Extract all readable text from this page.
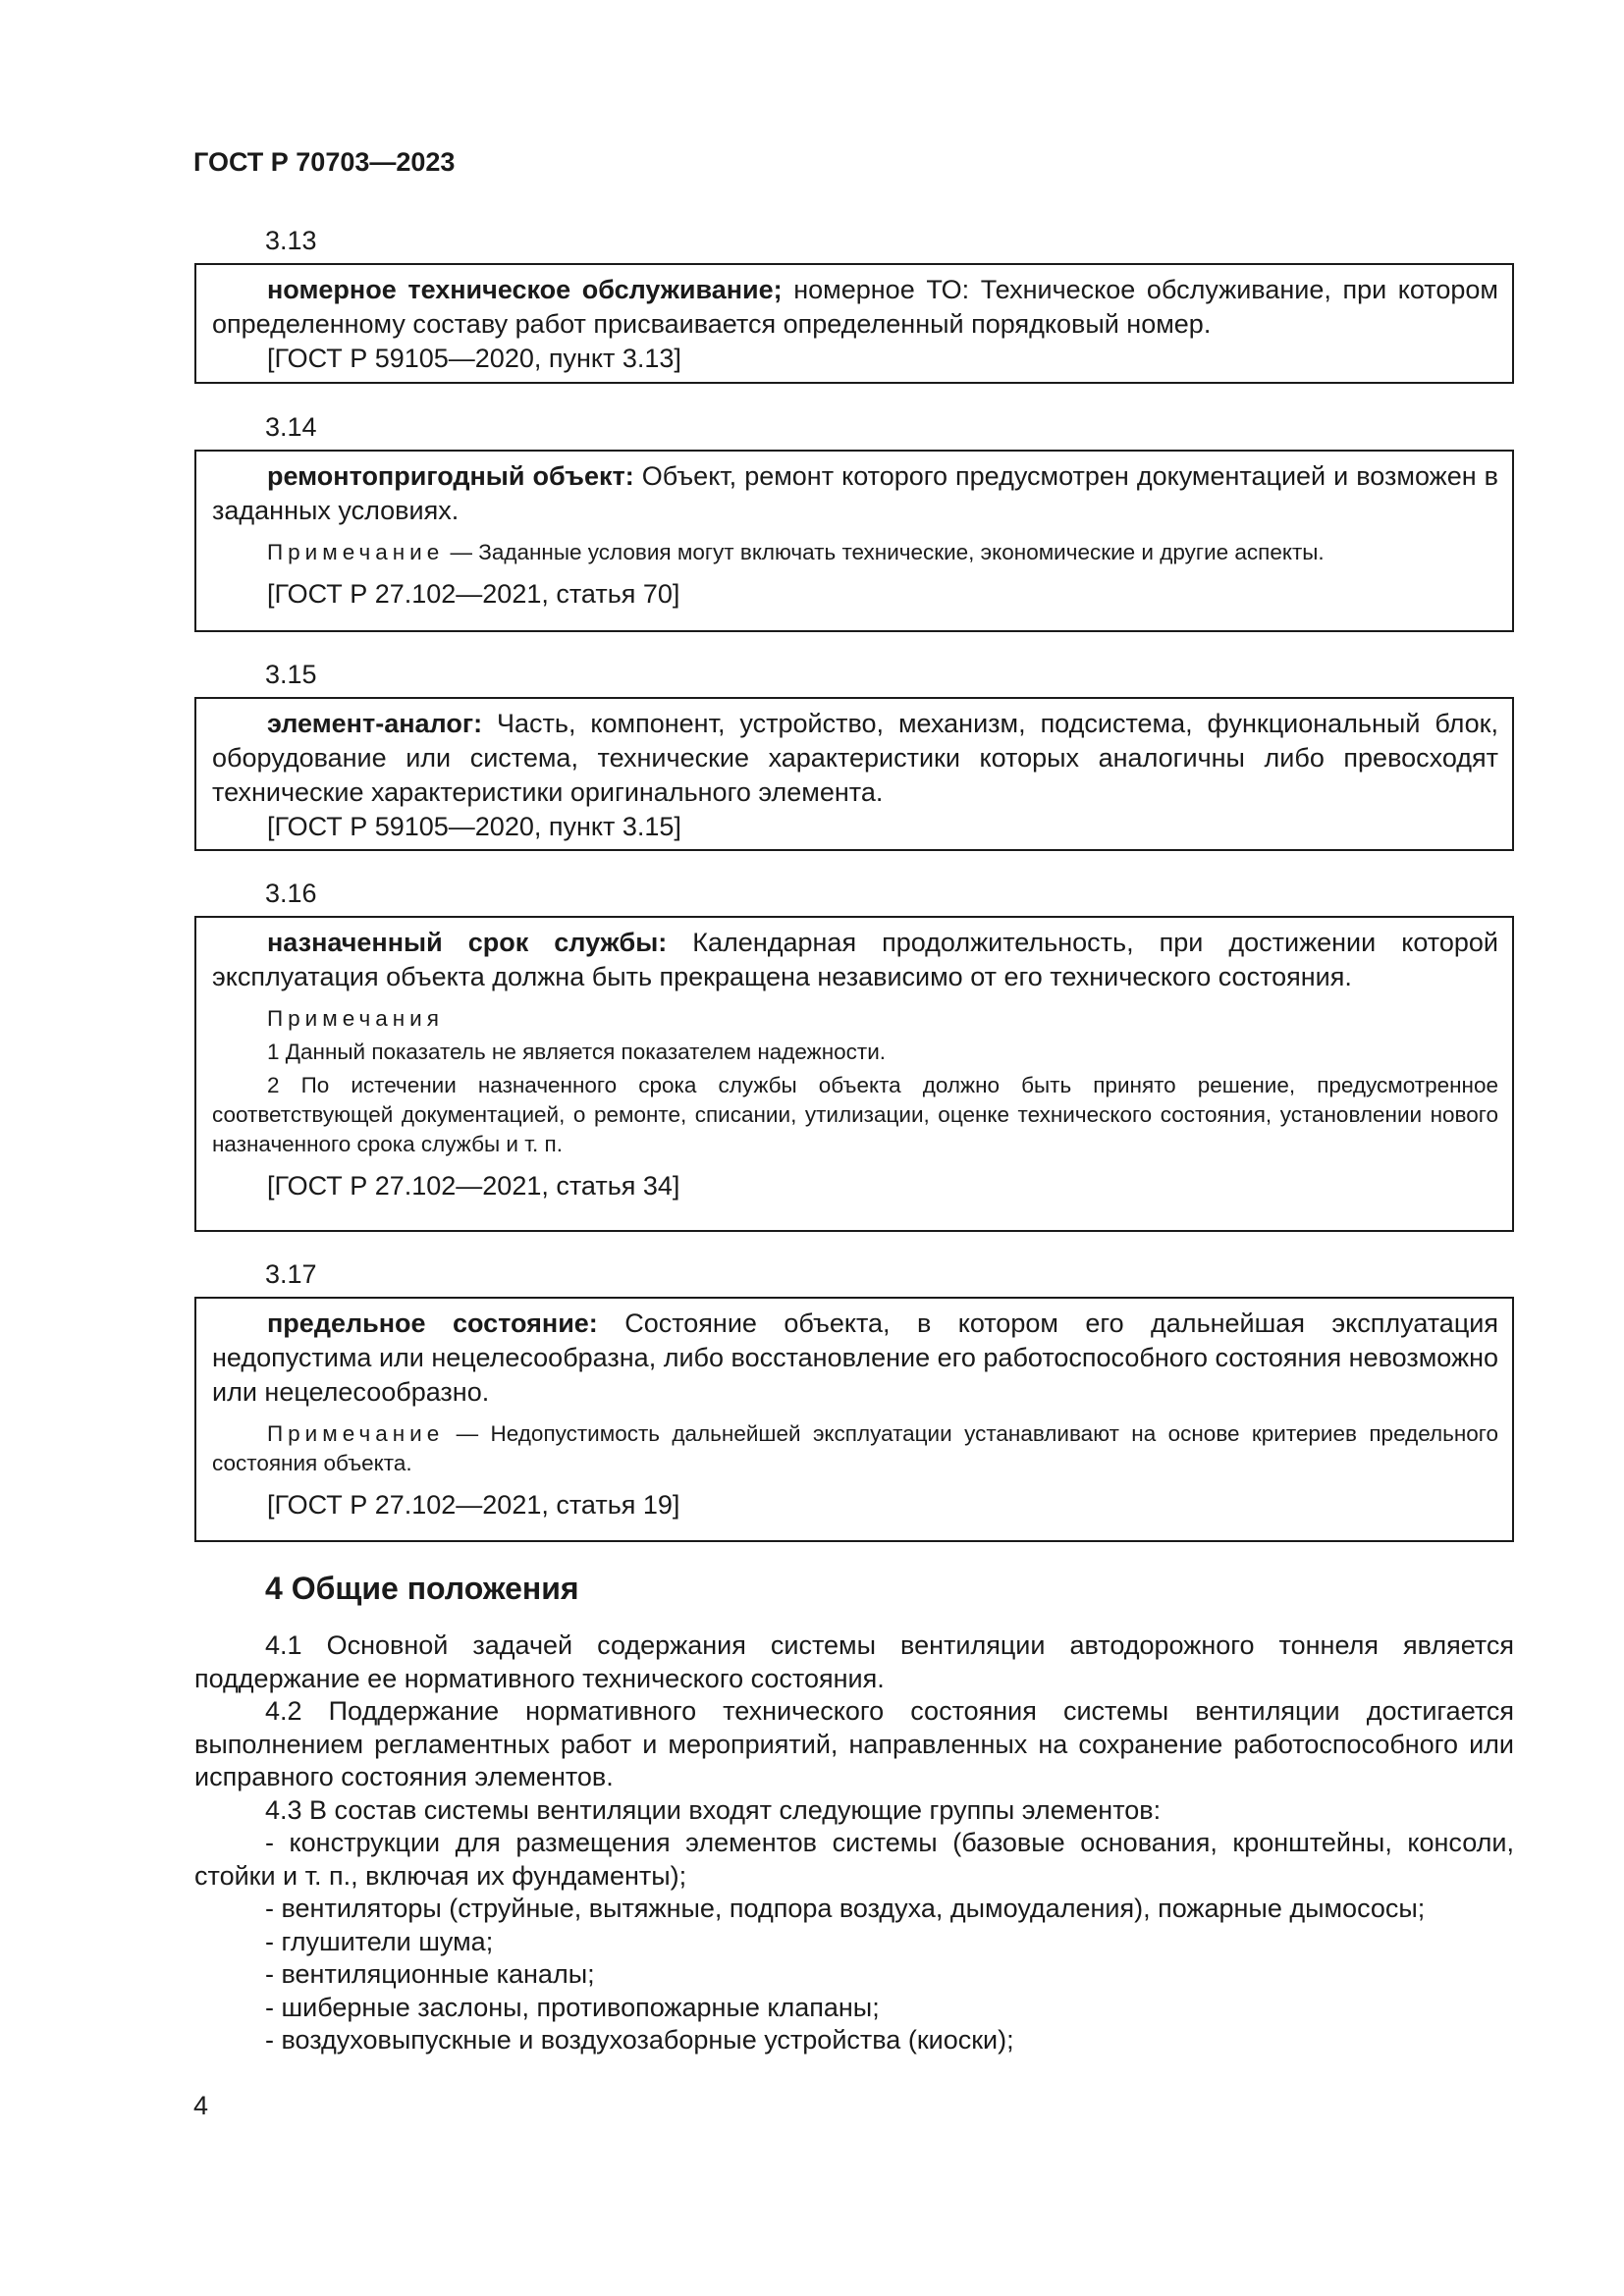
ГОСТ Р 70703—2023
3.13

номерное техническое обслуживание; номерное ТО: Техническое обслуживание, при котором определенному составу работ присваивается определенный порядковый номер.

[ГОСТ Р 59105—2020, пункт 3.13]

3.14

ремонтопригодный объект: Объект, ремонт которого предусмотрен документацией и возможен в заданных условиях.

Примечание — Заданные условия могут включать технические, экономические и другие аспекты.

[ГОСТ Р 27.102—2021, статья 70]

3.15

элемент-аналог: Часть, компонент, устройство, механизм, подсистема, функциональный блок, оборудование или система, технические характеристики которых аналогичны либо превосходят технические характеристики оригинального элемента.

[ГОСТ Р 59105—2020, пункт 3.15]

3.16

назначенный срок службы: Календарная продолжительность, при достижении которой эксплуатация объекта должна быть прекращена независимо от его технического состояния.

Примечания

1 Данный показатель не является показателем надежности.

2 По истечении назначенного срока службы объекта должно быть принято решение, предусмотренное соответствующей документацией, о ремонте, списании, утилизации, оценке технического состояния, установлении нового назначенного срока службы и т. п.

[ГОСТ Р 27.102—2021, статья 34]

3.17

предельное состояние: Состояние объекта, в котором его дальнейшая эксплуатация недопустима или нецелесообразна, либо восстановление его работоспособного состояния невозможно или нецелесообразно.

Примечание — Недопустимость дальнейшей эксплуатации устанавливают на основе критериев предельного состояния объекта.

[ГОСТ Р 27.102—2021, статья 19]

4 Общие положения

4.1 Основной задачей содержания системы вентиляции автодорожного тоннеля является поддержание ее нормативного технического состояния.

4.2 Поддержание нормативного технического состояния системы вентиляции достигается выполнением регламентных работ и мероприятий, направленных на сохранение работоспособного или исправного состояния элементов.

4.3 В состав системы вентиляции входят следующие группы элементов:

- конструкции для размещения элементов системы (базовые основания, кронштейны, консоли, стойки и т. п., включая их фундаменты);

- вентиляторы (струйные, вытяжные, подпора воздуха, дымоудаления), пожарные дымососы;

- глушители шума;

- вентиляционные каналы;

- шиберные заслоны, противопожарные клапаны;

- воздуховыпускные и воздухозаборные устройства (киоски);

4
